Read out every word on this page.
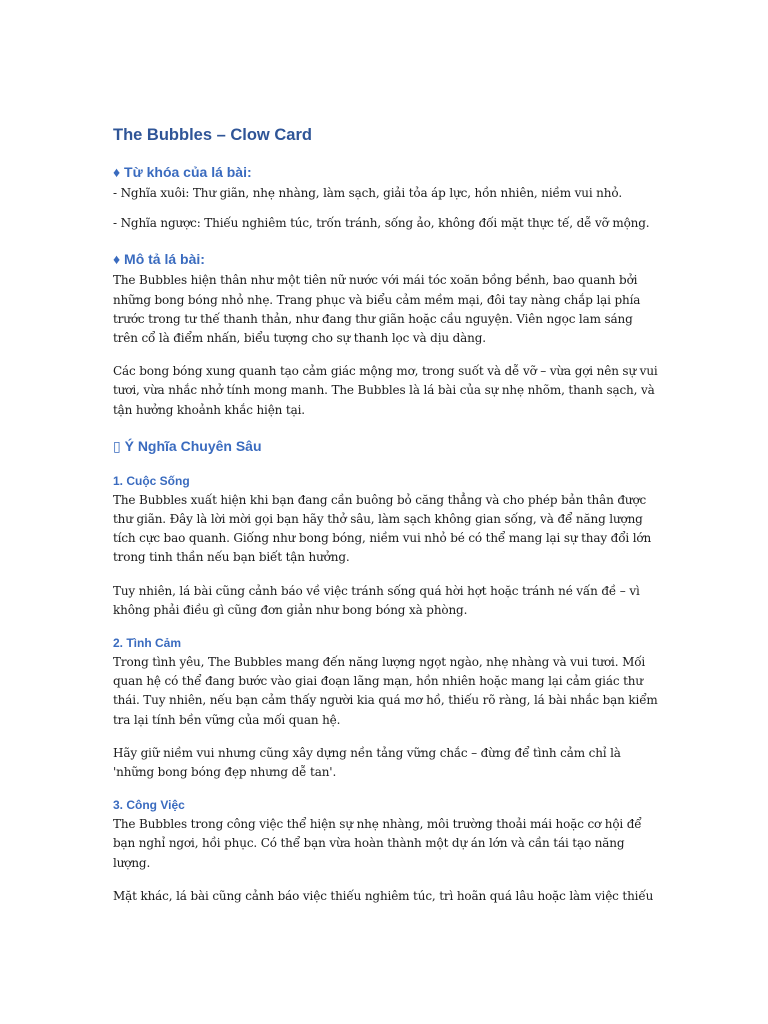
The Bubbles – Clow Card
♦ Từ khóa của lá bài:

- Nghĩa xuôi: Thư giãn, nhẹ nhàng, làm sạch, giải tỏa áp lực, hồn nhiên, niềm vui nhỏ.

- Nghĩa ngược: Thiếu nghiêm túc, trốn tránh, sống ảo, không đối mặt thực tế, dễ vỡ mộng.

♦ Mô tả lá bài:

The Bubbles hiện thân như một tiên nữ nước với mái tóc xoăn bồng bềnh, bao quanh bởi những bong bóng nhỏ nhẹ. Trang phục và biểu cảm mềm mại, đôi tay nàng chắp lại phía trước trong tư thế thanh thản, như đang thư giãn hoặc cầu nguyện. Viên ngọc lam sáng trên cổ là điểm nhấn, biểu tượng cho sự thanh lọc và dịu dàng.

Các bong bóng xung quanh tạo cảm giác mộng mơ, trong suốt và dễ vỡ – vừa gợi nên sự vui tươi, vừa nhắc nhở tính mong manh. The Bubbles là lá bài của sự nhẹ nhõm, thanh sạch, và tận hưởng khoảnh khắc hiện tại.

▯ Ý Nghĩa Chuyên Sâu
1. Cuộc Sống

The Bubbles xuất hiện khi bạn đang cần buông bỏ căng thẳng và cho phép bản thân được thư giãn. Đây là lời mời gọi bạn hãy thở sâu, làm sạch không gian sống, và để năng lượng tích cực bao quanh. Giống như bong bóng, niềm vui nhỏ bé có thể mang lại sự thay đổi lớn trong tinh thần nếu bạn biết tận hưởng.

Tuy nhiên, lá bài cũng cảnh báo về việc tránh sống quá hời hợt hoặc tránh né vấn đề – vì không phải điều gì cũng đơn giản như bong bóng xà phòng.

2. Tình Cảm

Trong tình yêu, The Bubbles mang đến năng lượng ngọt ngào, nhẹ nhàng và vui tươi. Mối quan hệ có thể đang bước vào giai đoạn lãng mạn, hồn nhiên hoặc mang lại cảm giác thư thái. Tuy nhiên, nếu bạn cảm thấy người kia quá mơ hồ, thiếu rõ ràng, lá bài nhắc bạn kiểm tra lại tính bền vững của mối quan hệ.

Hãy giữ niềm vui nhưng cũng xây dựng nền tảng vững chắc – đừng để tình cảm chỉ là 'những bong bóng đẹp nhưng dễ tan'.

3. Công Việc

The Bubbles trong công việc thể hiện sự nhẹ nhàng, môi trường thoải mái hoặc cơ hội để bạn nghỉ ngơi, hồi phục. Có thể bạn vừa hoàn thành một dự án lớn và cần tái tạo năng lượng.

Mặt khác, lá bài cũng cảnh báo việc thiếu nghiêm túc, trì hoãn quá lâu hoặc làm việc thiếu
